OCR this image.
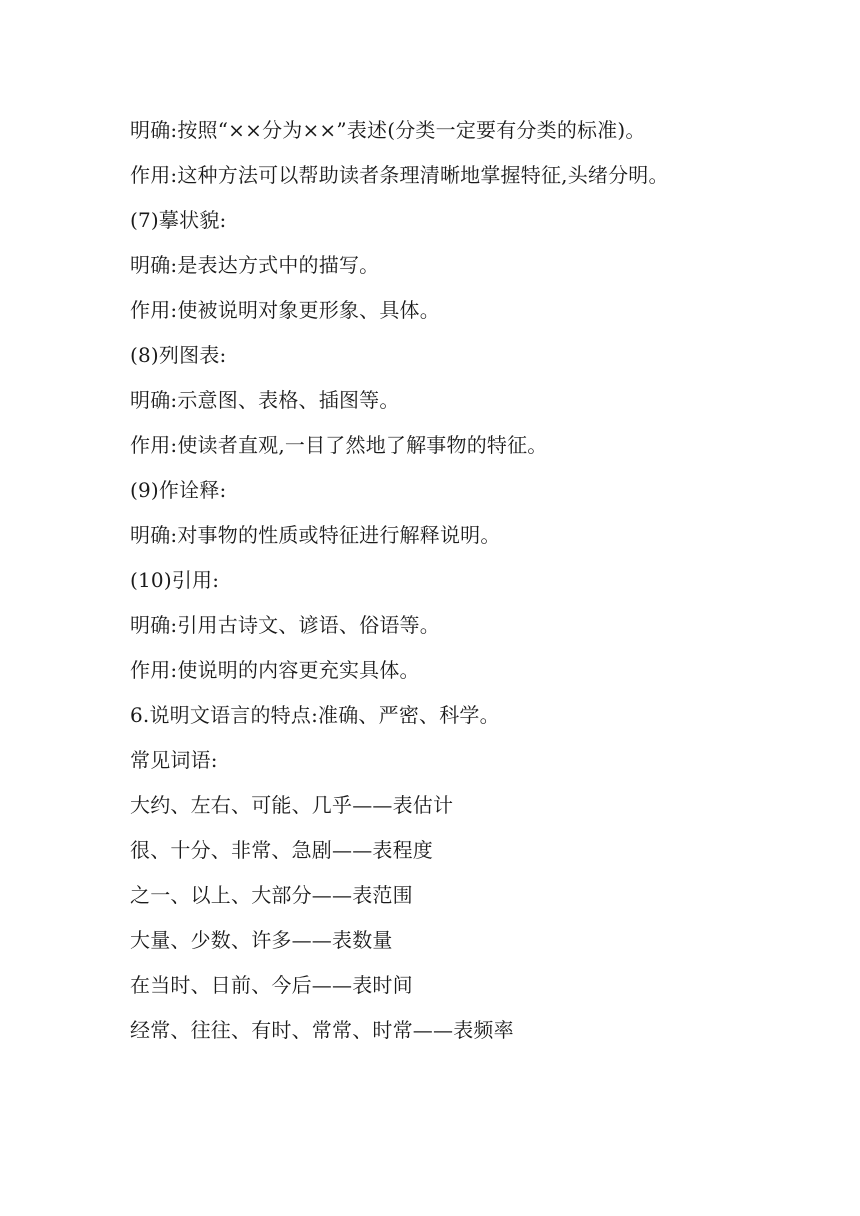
明确:按照“××分为××”表述(分类一定要有分类的标准)。
作用:这种方法可以帮助读者条理清晰地掌握特征,头绪分明。
(7)摹状貌:
明确:是表达方式中的描写。
作用:使被说明对象更形象、具体。
(8)列图表:
明确:示意图、表格、插图等。
作用:使读者直观,一目了然地了解事物的特征。
(9)作诠释:
明确:对事物的性质或特征进行解释说明。
(10)引用:
明确:引用古诗文、谚语、俗语等。
作用:使说明的内容更充实具体。
6.说明文语言的特点:准确、严密、科学。
常见词语:
大约、左右、可能、几乎——表估计
很、十分、非常、急剧——表程度
之一、以上、大部分——表范围
大量、少数、许多——表数量
在当时、日前、今后——表时间
经常、往往、有时、常常、时常——表频率
